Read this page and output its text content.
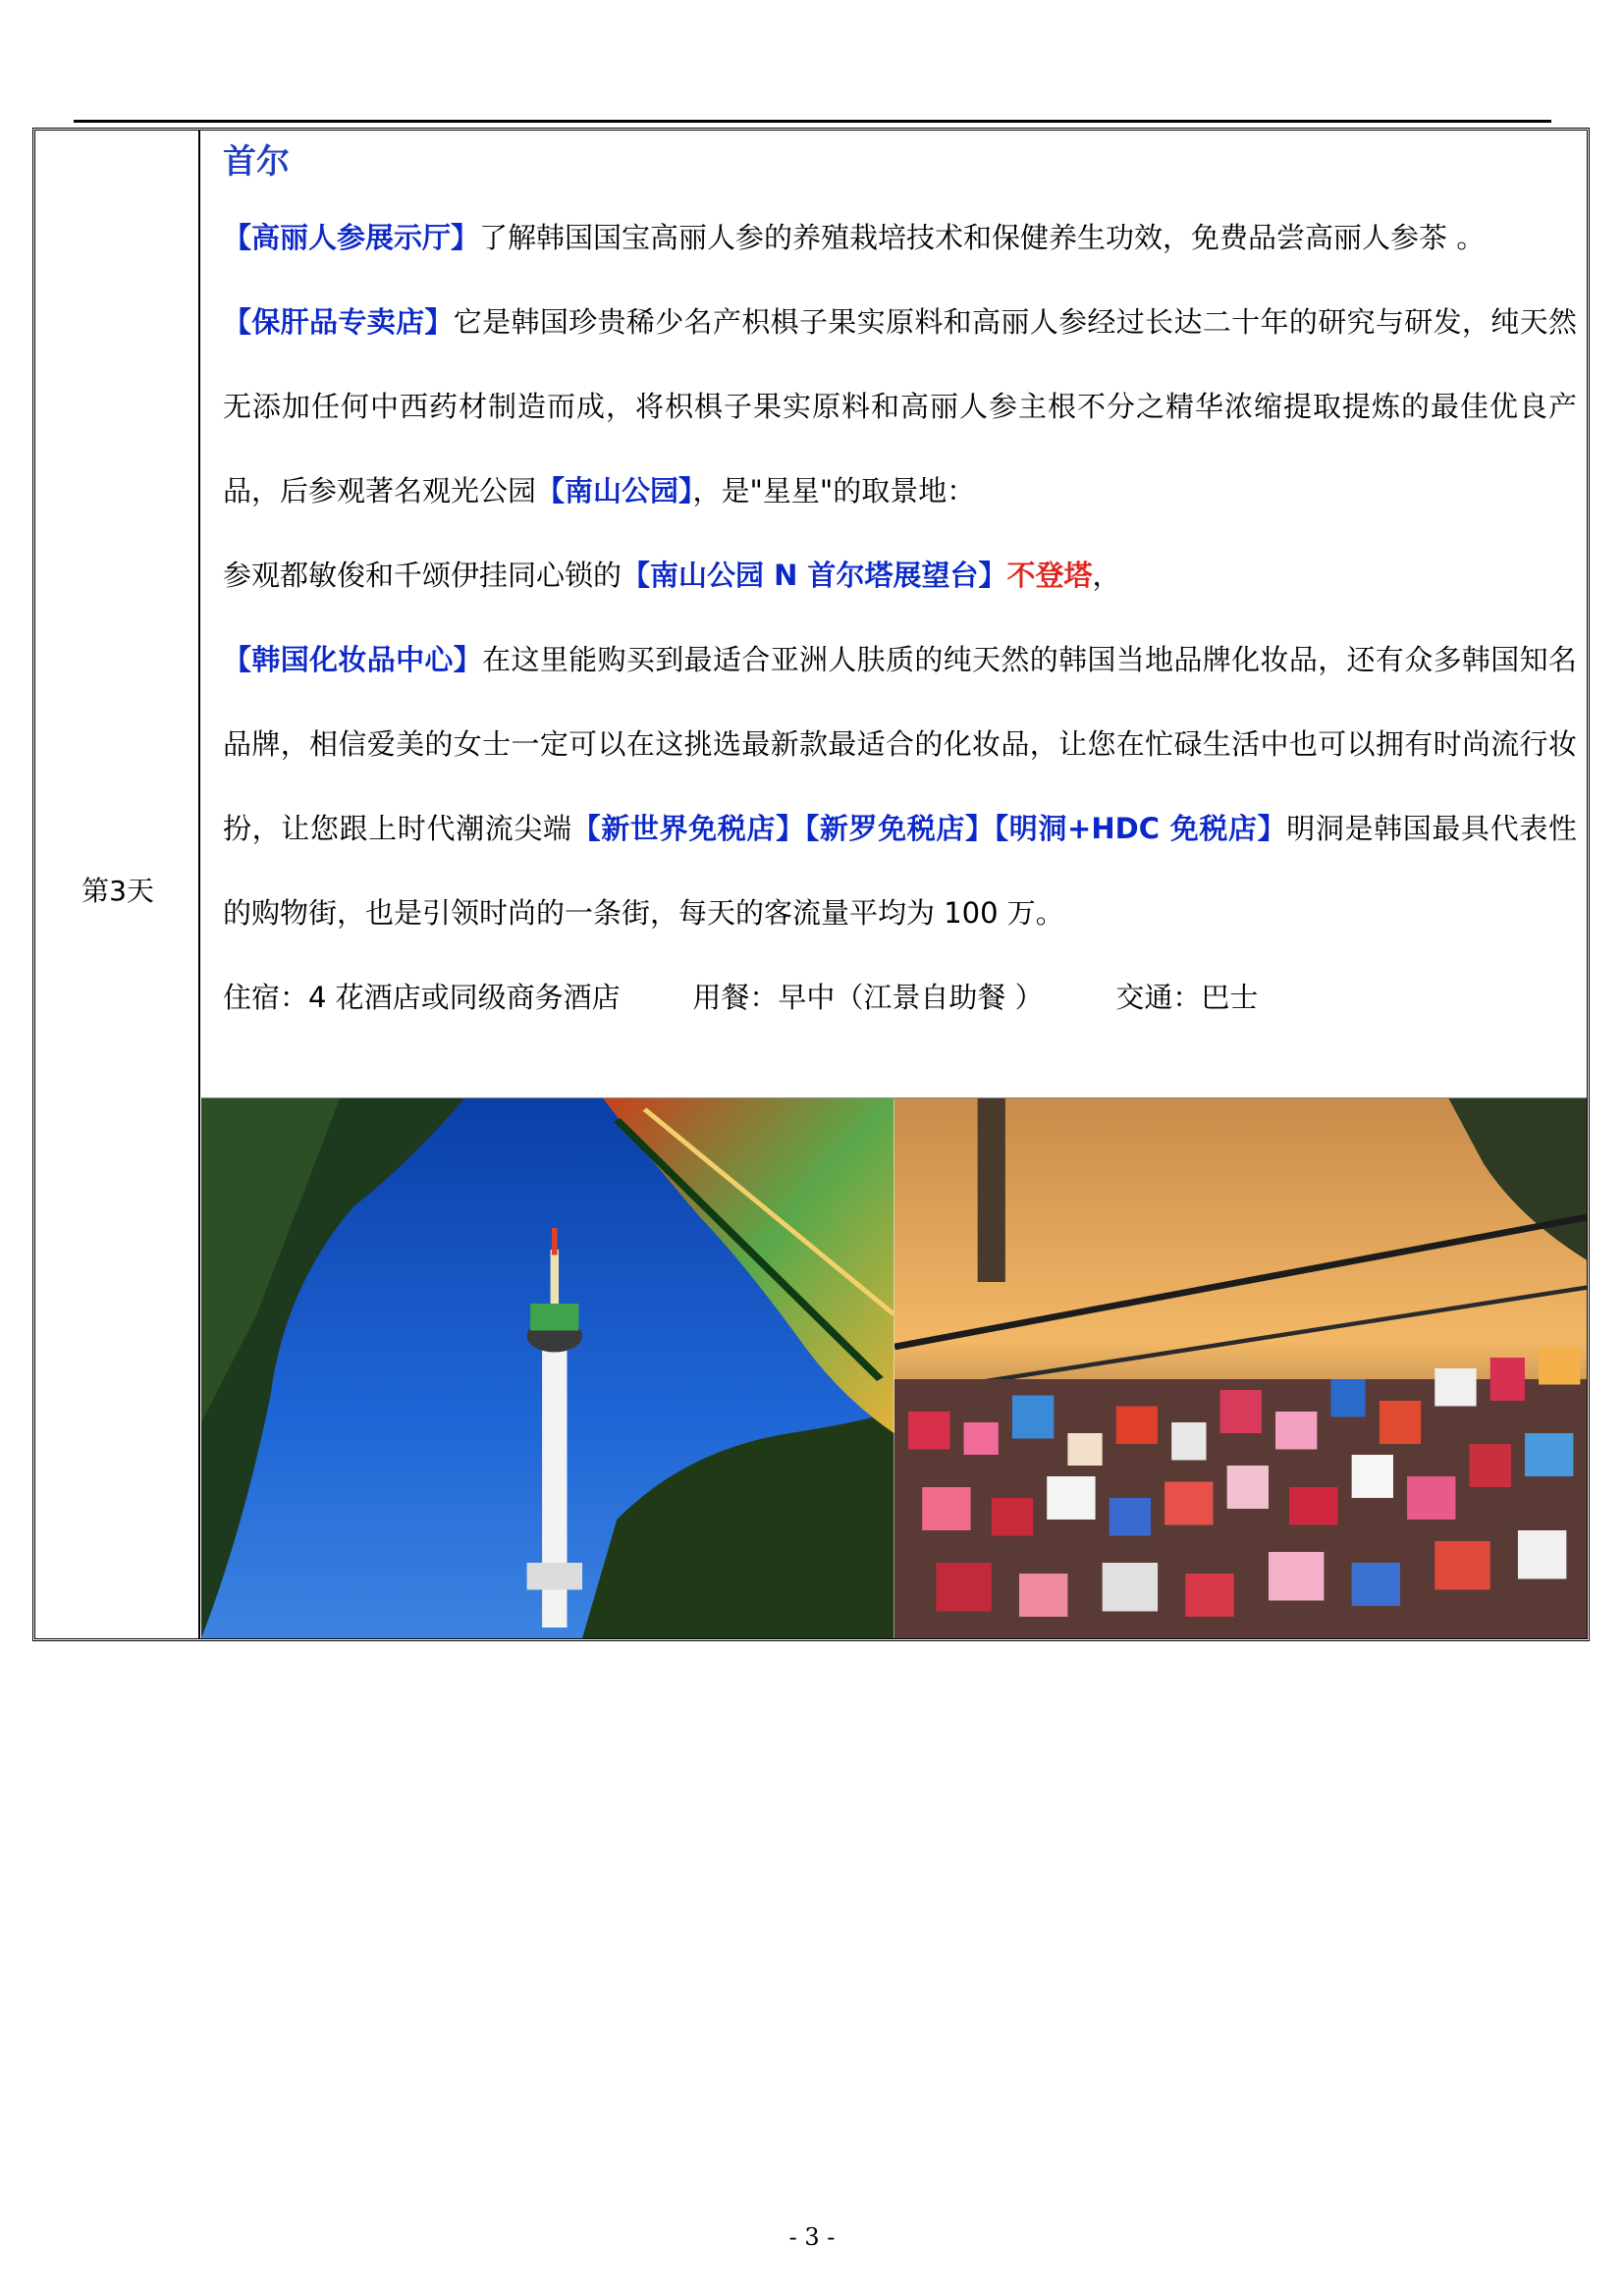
第3天
首尔

【高丽人参展示厅】了解韩国国宝高丽人参的养殖栽培技术和保健养生功效，免费品尝高丽人参茶 。

【保肝品专卖店】它是韩国珍贵稀少名产枳椇子果实原料和高丽人参经过长达二十年的研究与研发，纯天然无添加任何中西药材制造而成，将枳椇子果实原料和高丽人参主根不分之精华浓缩提取提炼的最佳优良产品，后参观著名观光公园【南山公园】，是"星星"的取景地：

参观都敏俊和千颂伊挂同心锁的【南山公园 N 首尔塔展望台】不登塔，

【韩国化妆品中心】在这里能购买到最适合亚洲人肤质的纯天然的韩国当地品牌化妆品，还有众多韩国知名品牌，相信爱美的女士一定可以在这挑选最新款最适合的化妆品，让您在忙碌生活中也可以拥有时尚流行妆扮，让您跟上时代潮流尖端【新世界免税店】【新罗免税店】【明洞+HDC 免税店】明洞是韩国最具代表性的购物街，也是引领时尚的一条街，每天的客流量平均为 100 万。

住宿：4 花酒店或同级商务酒店	用餐：早中（江景自助餐 ）	交通：巴士
- 3 -
